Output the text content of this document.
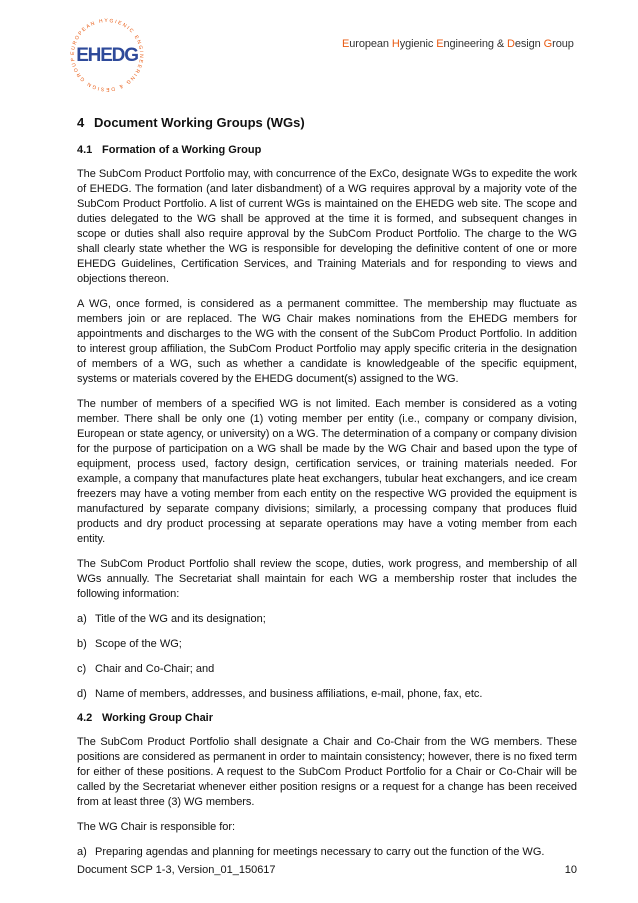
EUROPEAN HYGIENIC ENGINEERING & DESIGN GROUP EHEDG
European Hygienic Engineering & Design Group
4 Document Working Groups (WGs)
4.1 Formation of a Working Group

The SubCom Product Portfolio may, with concurrence of the ExCo, designate WGs to expedite the work of EHEDG. The formation (and later disbandment) of a WG requires approval by a majority vote of the SubCom Product Portfolio. A list of current WGs is maintained on the EHEDG web site. The scope and duties delegated to the WG shall be approved at the time it is formed, and subsequent changes in scope or duties shall also require approval by the SubCom Product Portfolio. The charge to the WG shall clearly state whether the WG is responsible for developing the definitive content of one or more EHEDG Guidelines, Certification Services, and Training Materials and for responding to views and objections thereon.

A WG, once formed, is considered as a permanent committee. The membership may fluctuate as members join or are replaced. The WG Chair makes nominations from the EHEDG members for appointments and discharges to the WG with the consent of the SubCom Product Portfolio. In addition to interest group affiliation, the SubCom Product Portfolio may apply specific criteria in the designation of members of a WG, such as whether a candidate is knowledgeable of the specific equipment, systems or materials covered by the EHEDG document(s) assigned to the WG.

The number of members of a specified WG is not limited. Each member is considered as a voting member. There shall be only one (1) voting member per entity (i.e., company or company division, European or state agency, or university) on a WG. The determination of a company or company division for the purpose of participation on a WG shall be made by the WG Chair and based upon the type of equipment, process used, factory design, certification services, or training materials needed. For example, a company that manufactures plate heat exchangers, tubular heat exchangers, and ice cream freezers may have a voting member from each entity on the respective WG provided the equipment is manufactured by separate company divisions; similarly, a processing company that produces fluid products and dry product processing at separate operations may have a voting member from each entity.

The SubCom Product Portfolio shall review the scope, duties, work progress, and membership of all WGs annually. The Secretariat shall maintain for each WG a membership roster that includes the following information:

a) Title of the WG and its designation;
b) Scope of the WG;
c) Chair and Co-Chair; and
d) Name of members, addresses, and business affiliations, e-mail, phone, fax, etc.
4.2 Working Group Chair

The SubCom Product Portfolio shall designate a Chair and Co-Chair from the WG members. These positions are considered as permanent in order to maintain consistency; however, there is no fixed term for either of these positions. A request to the SubCom Product Portfolio for a Chair or Co-Chair will be called by the Secretariat whenever either position resigns or a request for a change has been received from at least three (3) WG members.

The WG Chair is responsible for:

a) Preparing agendas and planning for meetings necessary to carry out the function of the WG.
Document SCP 1-3, Version_01_150617	10
